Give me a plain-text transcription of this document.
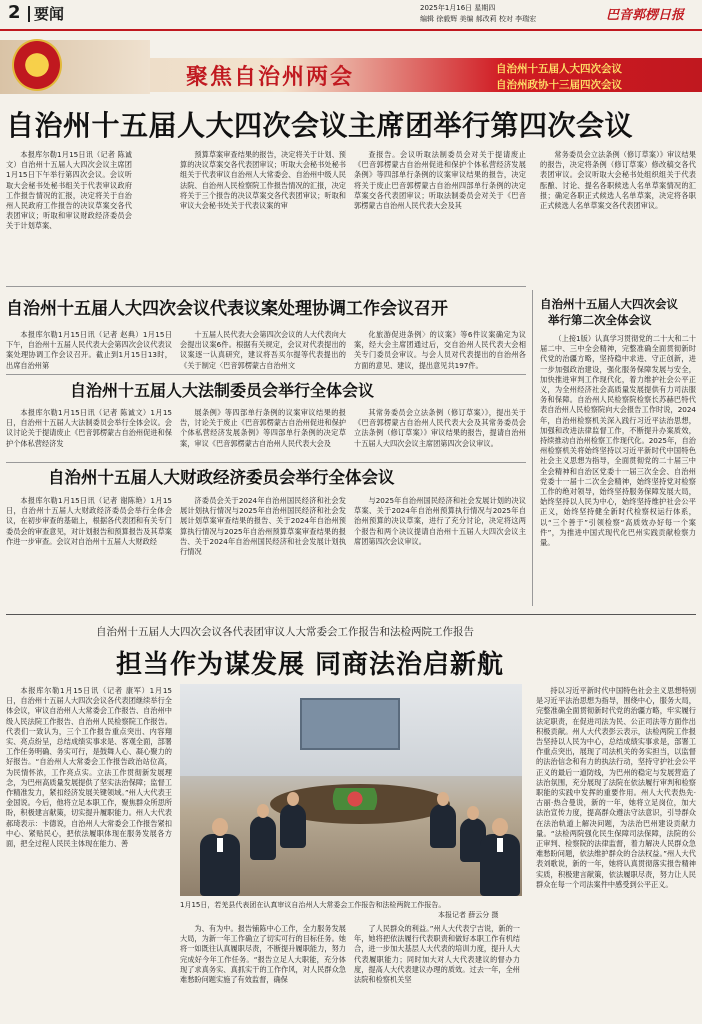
2 要闻	2025年1月16日 星期四
编辑 徐毅辉 美编 郝改莉 校对 李瑞宏	巴音郭楞日报
★
聚焦自治州两会	自治州十五届人大四次会议
自治州政协十三届四次会议
自治州十五届人大四次会议主席团举行第四次会议

本报库尔勒1月15日讯（记者 陈诚文）自治州十五届人大四次会议主席团1月15日下午举行第四次会议。会议听取大会秘书处秘书组关于代表审议政府工作报告情况的汇报，决定将关于自治州人民政府工作报告的决议草案交各代表团审议；听取和审议财政经济委员会关于计划草案、

预算草案审查结果的报告，决定将关于计划、预算的决议草案交各代表团审议；听取大会秘书处秘书组关于代表审议自治州人大常委会、自治州中级人民法院、自治州人民检察院工作报告情况的汇报，决定将关于三个报告的决议草案交各代表团审议；听取和审议大会秘书处关于代表议案的审

查报告。会议听取法制委员会对关于提请废止《巴音郭楞蒙古自治州促进和保护个体私营经济发展条例》等四部单行条例的议案审议结果的报告，决定将关于废止巴音郭楞蒙古自治州四部单行条例的决定草案交各代表团审议；听取法制委员会对关于《巴音郭楞蒙古自治州人民代表大会及其

常务委员会立法条例（修订草案）》审议结果的报告，决定将条例（修订草案）修改稿交各代表团审议。会议听取大会秘书处组织组关于代表酝酿、讨论、提名各职候选人名单草案情况的汇报；确定各职正式候选人名单草案，决定将各职正式候选人名单草案交各代表团审议。

自治州十五届人大四次会议代表议案处理协调工作会议召开

本报库尔勒1月15日讯（记者 赵典）1月15日下午，自治州十五届人民代表大会第四次会议代表议案处理协调工作会议召开。截止到1月15日13时，出席自治州第

十五届人民代表大会第四次会议的人大代表向大会提出议案6件。根据有关规定，会议对代表提出的议案逐一认真研究，建议将吾买尔提等代表提出的《关于制定〈巴音郭楞蒙古自治州文

化旅游促进条例〉的议案》等6件议案确定为议案，经大会主席团通过后，交自治州人民代表大会相关专门委员会审议。与会人员对代表提出的自治州各方面的意见、建议，提出意见共197件。

自治州十五届人大四次会议
举行第二次全体会议

（上接1版）认真学习贯彻党的二十大和二十届二中、三中全会精神，完整准确全面贯彻新时代党的治疆方略，坚持稳中求进、守正创新，进一步加强政治建设，强化服务保障发展与安全，加快推进审判工作现代化，着力维护社会公平正义，为全州经济社会高质量发展提供有力司法服务和保障。自治州人民检察院检察长苏赫巴特代表自治州人民检察院向大会报告工作时说，2024年，自治州检察机关深入践行习近平法治思想，加强和改进法律监督工作，不断提升办案质效，持续推动自治州检察工作现代化。2025年，自治州检察机关将始终坚持以习近平新时代中国特色社会主义思想为指导，全面贯彻党的二十届三中全会精神和自治区党委十一届三次全会、自治州党委十一届十二次全会精神，始终坚持党对检察工作的绝对领导，始终坚持服务保障发展大局，始终坚持以人民为中心，始终坚持维护社会公平正义，始终坚持健全新时代检察权运行体系，以“三个善于”引领检察“高质效办好每一个案件”，为推进中国式现代化巴州实践贡献检察力量。

自治州十五届人大法制委员会举行全体会议

本报库尔勒1月15日讯（记者 陈诚文）1月15日，自治州十五届人大法制委员会举行全体会议。会议讨论关于提请废止《巴音郭楞蒙古自治州促进和保护个体私营经济发

展条例》等四部单行条例的议案审议结果的报告，讨论关于废止《巴音郭楞蒙古自治州促进和保护个体私营经济发展条例》等四部单行条例的决定草案，审议《巴音郭楞蒙古自治州人民代表大会及

其常务委员会立法条例（修订草案）》，提出关于《巴音郭楞蒙古自治州人民代表大会及其常务委员会立法条例（修订草案）》审议结果的报告，提请自治州十五届人大四次会议主席团第四次会议审议。

自治州十五届人大财政经济委员会举行全体会议

本报库尔勒1月15日讯（记者 谢陈艳）1月15日，自治州十五届人大财政经济委员会举行全体会议，在初步审查的基础上，根据各代表团和有关专门委员会的审查意见，对计划报告和预算报告及其草案作进一步审查。会议对自治州十五届人大财政经

济委员会关于2024年自治州国民经济和社会发展计划执行情况与2025年自治州国民经济和社会发展计划草案审查结果的报告、关于2024年自治州预算执行情况与2025年自治州预算草案审查结果的报告、关于2024年自治州国民经济和社会发展计划执行情况

与2025年自治州国民经济和社会发展计划的决议草案、关于2024年自治州预算执行情况与2025年自治州预算的决议草案，进行了充分讨论，决定将这两个报告和两个决议提请自治州十五届人大四次会议主席团第四次会议审议。

自治州十五届人大四次会议各代表团审议人大常委会工作报告和法检两院工作报告
担当作为谋发展 同商法治启新航

本报库尔勒1月15日讯（记者 康军）1月15日，自治州十五届人大四次会议各代表团继续举行全体会议，审议自治州人大常委会工作报告、自治州中级人民法院工作报告、自治州人民检察院工作报告。代表们一致认为，三个工作报告重点突出、内容翔实、亮点纷呈，总结成绩实事求是、客观全面，部署工作任务明确、务实可行，是鼓舞人心、凝心聚力的好报告。“自治州人大常委会工作报告政治站位高，为民情怀浓，工作亮点实。立法工作贯彻新发展理念，为巴州高质量发展提供了坚实法治保障；监督工作精准发力，紧扣经济发展关键领域。”州人大代表王金国说。今后，他将立足本职工作，聚焦群众所思所盼，积极建言献策，切实提升履职能力。州人大代表郝琦表示：卡德说，自治州人大常委会工作报告紧扣中心、紧贴民心，把依法履职体现在服务发展各方面，把全过程人民民主体现在能力、善

1月15日，若羌县代表团在认真审议自治州人大常委会工作报告和法检两院工作报告。
本报记者 薛云分 摄

为、有为中。报告铺陈中心工作，全力服务发展大局，为新一年工作确立了切实可行的目标任务。她将一如既往认真履职尽责，不断提升履职能力，努力完成好今年工作任务。“报告立足人大职能，充分体现了求真务实、真抓实干的工作作风，对人民群众急难愁盼问题实施了有效监督，确保

了人民群众的利益。”州人大代表宁吉说，新的一年，她将把依法履行代表职责和做好本职工作有机结合，进一步加大基层人大代表的培训力度，提升人大代表履职能力；同时加大对人大代表建议的督办力度，提高人大代表建议办理的质效。过去一年，全州法院和检察机关坚

持以习近平新时代中国特色社会主义思想特别是习近平法治思想为指导，围绕中心，服务大局，完整准确全面贯彻新时代党的治疆方略，牢实履行法定职责，在促进司法为民、公正司法等方面作出积极贡献。州人大代表彭云表示，法检两院工作报告坚持以人民为中心，总结成绩实事求是，部署工作重点突出，展现了司法机关的务实担当，以监督的法治信念和有力的执法行动，坚持守护社会公平正义的最后一道防线，为巴州的稳定与发展营造了法治氛围，充分展现了法院在依法履行审判和检察职能的实践中发挥的重要作用。州人大代表热先·古丽·热合曼说，新的一年，她将立足岗位，加大法治宣传力度，提高群众遵法守法意识，引导群众在法治轨道上解决问题，为法治巴州建设贡献力量。“法检两院强化民生保障司法保障，法院的公正审判、检察院的法律监督，着力解决人民群众急难愁盼问题，依法维护群众的合法权益。”州人大代表刘歌说，新的一年，她将认真贯彻落实报告精神实质，积极建言献策，依法履职尽责，努力让人民群众在每一个司法案件中感受到公平正义。
